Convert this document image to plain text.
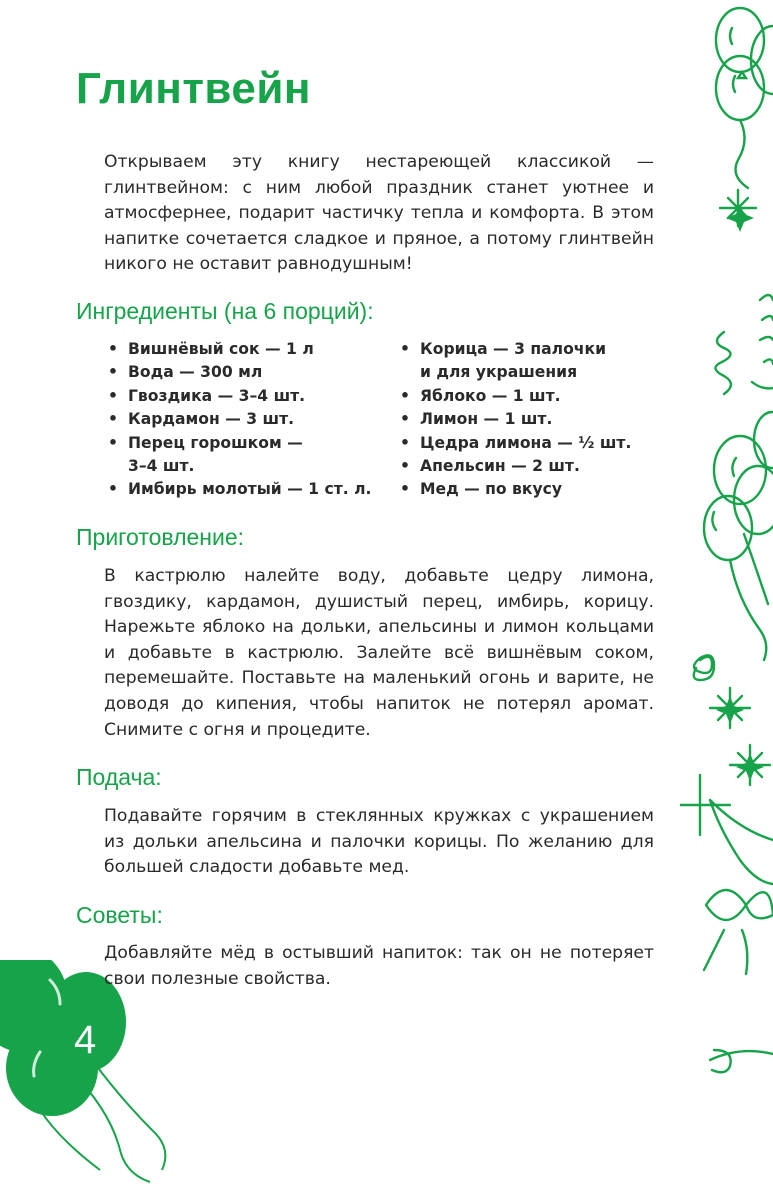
Глинтвейн

Открываем эту книгу нестареющей классикой — глинтвейном: с ним любой праздник станет уютнее и атмосфернее, подарит частичку тепла и комфорта. В этом напитке сочетается сладкое и пряное, а потому глинтвейн никого не оставит равнодушным!

Ингредиенты (на 6 порций):
• Вишнёвый сок — 1 л
• Вода — 300 мл
• Гвоздика — 3–4 шт.
• Кардамон — 3 шт.
• Перец горошком —
3–4 шт.
• Имбирь молотый — 1 ст. л.
• Корица — 3 палочки
и для украшения
• Яблоко — 1 шт.
• Лимон — 1 шт.
• Цедра лимона — ½ шт.
• Апельсин — 2 шт.
• Мед — по вкусу
Приготовление:

В кастрюлю налейте воду, добавьте цедру лимона, гвоздику, кардамон, душистый перец, имбирь, корицу. Нарежьте яблоко на дольки, апельсины и лимон кольцами и добавьте в кастрюлю. Залейте всё вишнёвым соком, перемешайте. Поставьте на маленький огонь и варите, не доводя до кипения, чтобы напиток не потерял аромат. Снимите с огня и процедите.

Подача:

Подавайте горячим в стеклянных кружках с украшением из дольки апельсина и палочки корицы. По желанию для большей сладости добавьте мед.

Советы:

Добавляйте мёд в остывший напиток: так он не потеряет свои полезные свойства.

4
